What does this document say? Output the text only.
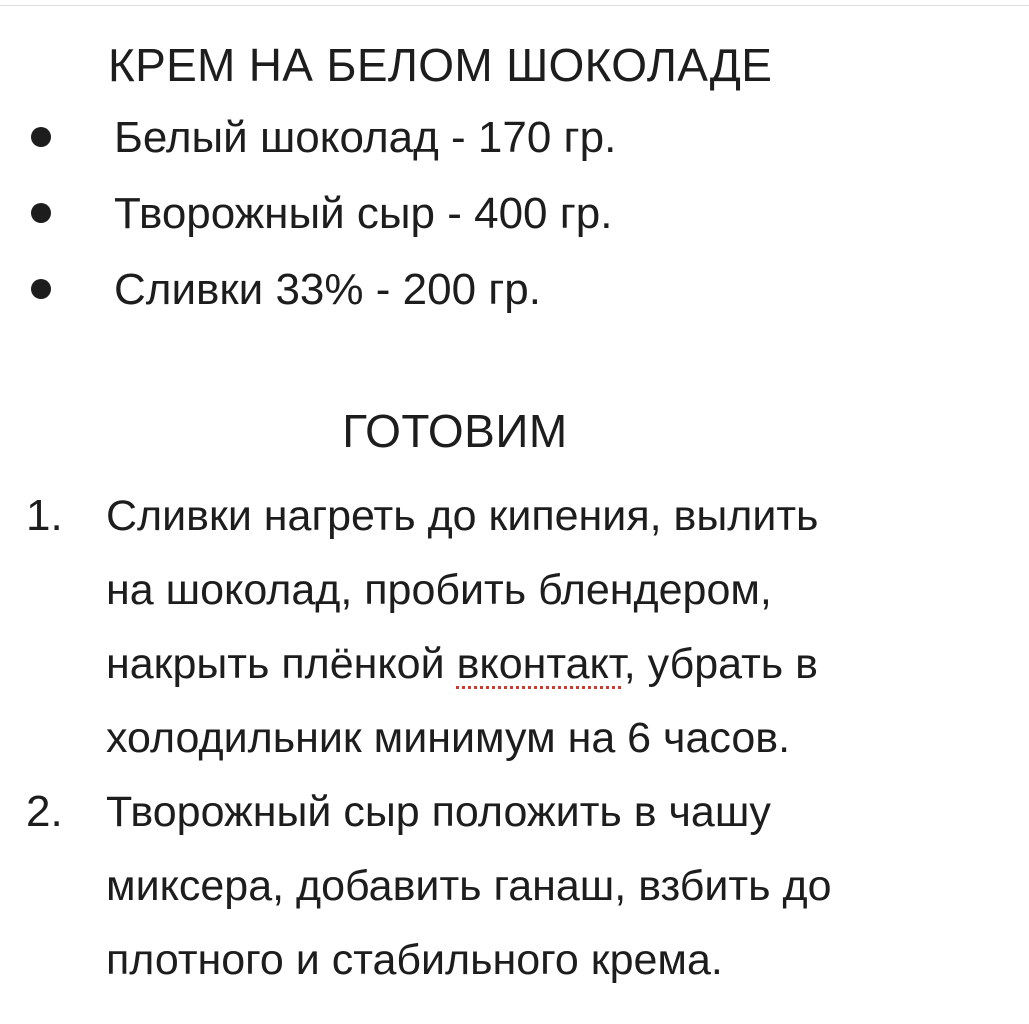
КРЕМ НА БЕЛОМ ШОКОЛАДЕ
Белый шоколад - 170 гр.
Творожный сыр - 400 гр.
Сливки 33% - 200 гр.
ГОТОВИМ
1. Сливки нагреть до кипения, вылить
на шоколад, пробить блендером,
накрыть плёнкой вконтакт, убрать в
холодильник минимум на 6 часов.
2. Творожный сыр положить в чашу
миксера, добавить ганаш, взбить до
плотного и стабильного крема.
